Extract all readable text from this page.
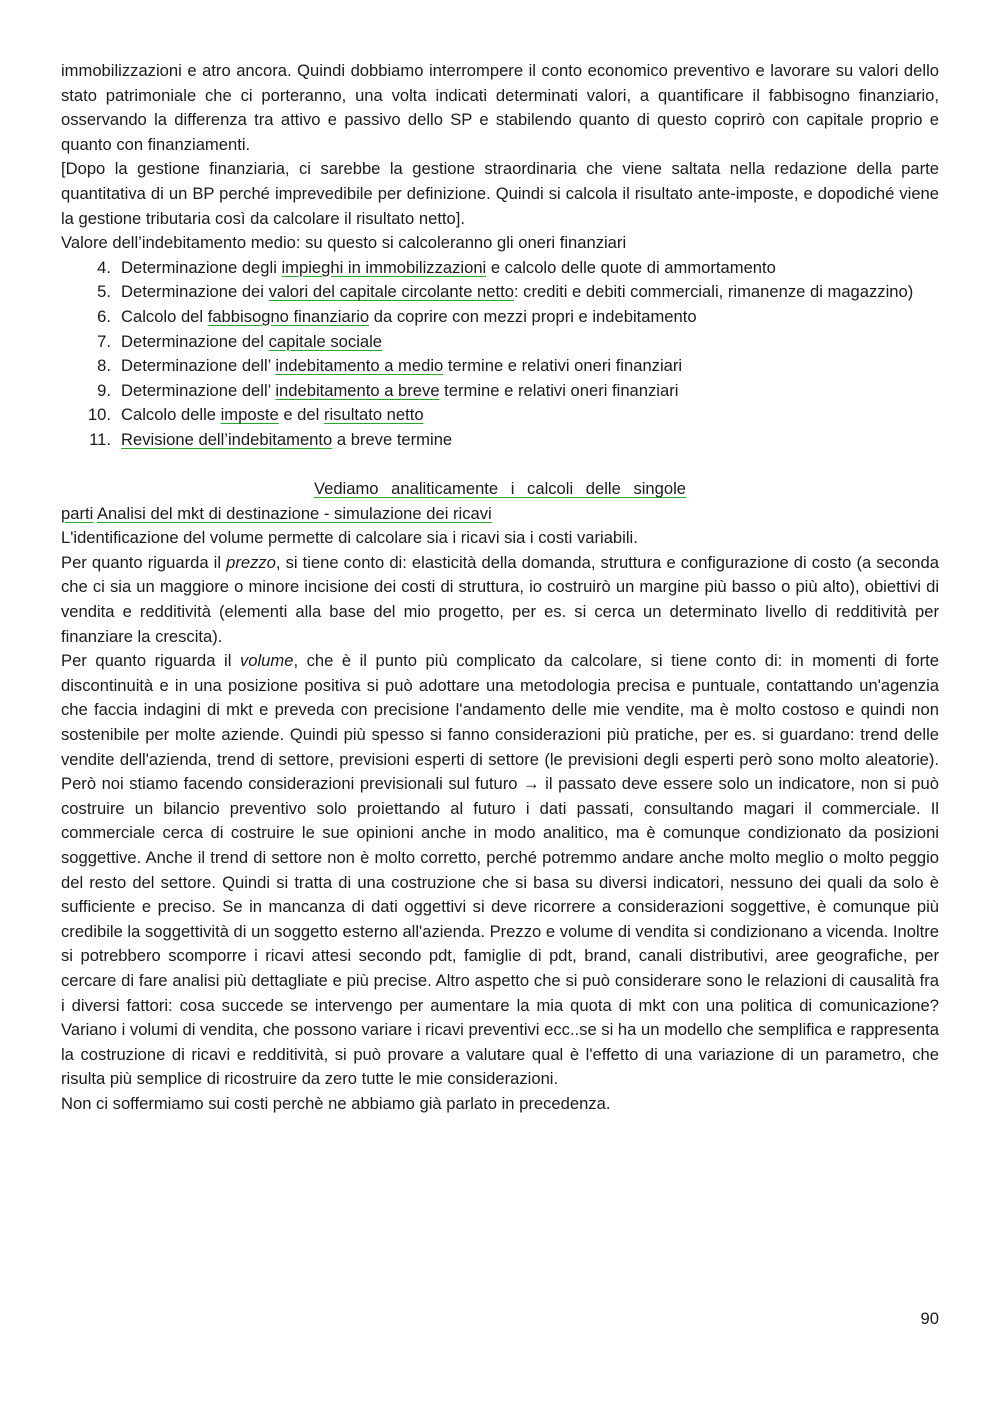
immobilizzazioni e atro ancora. Quindi dobbiamo interrompere il conto economico preventivo e lavorare su valori dello stato patrimoniale che ci porteranno, una volta indicati determinati valori, a quantificare il fabbisogno finanziario, osservando la differenza tra attivo e passivo dello SP e stabilendo quanto di questo coprirò con capitale proprio e quanto con finanziamenti.

[Dopo la gestione finanziaria, ci sarebbe la gestione straordinaria che viene saltata nella redazione della parte quantitativa di un BP perché imprevedibile per definizione. Quindi si calcola il risultato ante-imposte, e dopodiché viene la gestione tributaria così da calcolare il risultato netto].

Valore dell’indebitamento medio: su questo si calcoleranno gli oneri finanziari

4. Determinazione degli impieghi in immobilizzazioni e calcolo delle quote di ammortamento
5. Determinazione dei valori del capitale circolante netto: crediti e debiti commerciali, rimanenze di magazzino)
6. Calcolo del fabbisogno finanziario da coprire con mezzi propri e indebitamento
7. Determinazione del capitale sociale
8. Determinazione dell’ indebitamento a medio termine e relativi oneri finanziari
9. Determinazione dell’ indebitamento a breve termine e relativi oneri finanziari
10. Calcolo delle imposte e del risultato netto
11. Revisione dell’indebitamento a breve termine

Vediamo analiticamente i calcoli delle singole

parti Analisi del mkt di destinazione - simulazione dei ricavi

L'identificazione del volume permette di calcolare sia i ricavi sia i costi variabili.

Per quanto riguarda il prezzo, si tiene conto di: elasticità della domanda, struttura e configurazione di costo (a seconda che ci sia un maggiore o minore incisione dei costi di struttura, io costruirò un margine più basso o più alto), obiettivi di vendita e redditività (elementi alla base del mio progetto, per es. si cerca un determinato livello di redditività per finanziare la crescita).

Per quanto riguarda il volume, che è il punto più complicato da calcolare, si tiene conto di: in momenti di forte discontinuità e in una posizione positiva si può adottare una metodologia precisa e puntuale, contattando un'agenzia che faccia indagini di mkt e preveda con precisione l'andamento delle mie vendite, ma è molto costoso e quindi non sostenibile per molte aziende. Quindi più spesso si fanno considerazioni più pratiche, per es. si guardano: trend delle vendite dell'azienda, trend di settore, previsioni esperti di settore (le previsioni degli esperti però sono molto aleatorie). Però noi stiamo facendo considerazioni previsionali sul futuro → il passato deve essere solo un indicatore, non si può costruire un bilancio preventivo solo proiettando al futuro i dati passati, consultando magari il commerciale. Il commerciale cerca di costruire le sue opinioni anche in modo analitico, ma è comunque condizionato da posizioni soggettive. Anche il trend di settore non è molto corretto, perché potremmo andare anche molto meglio o molto peggio del resto del settore. Quindi si tratta di una costruzione che si basa su diversi indicatori, nessuno dei quali da solo è sufficiente e preciso. Se in mancanza di dati oggettivi si deve ricorrere a considerazioni soggettive, è comunque più credibile la soggettività di un soggetto esterno all'azienda. Prezzo e volume di vendita si condizionano a vicenda. Inoltre si potrebbero scomporre i ricavi attesi secondo pdt, famiglie di pdt, brand, canali distributivi, aree geografiche, per cercare di fare analisi più dettagliate e più precise. Altro aspetto che si può considerare sono le relazioni di causalità fra i diversi fattori: cosa succede se intervengo per aumentare la mia quota di mkt con una politica di comunicazione? Variano i volumi di vendita, che possono variare i ricavi preventivi ecc..se si ha un modello che semplifica e rappresenta la costruzione di ricavi e redditività, si può provare a valutare qual è l'effetto di una variazione di un parametro, che risulta più semplice di ricostruire da zero tutte le mie considerazioni.

Non ci soffermiamo sui costi perchè ne abbiamo già parlato in precedenza.

90
